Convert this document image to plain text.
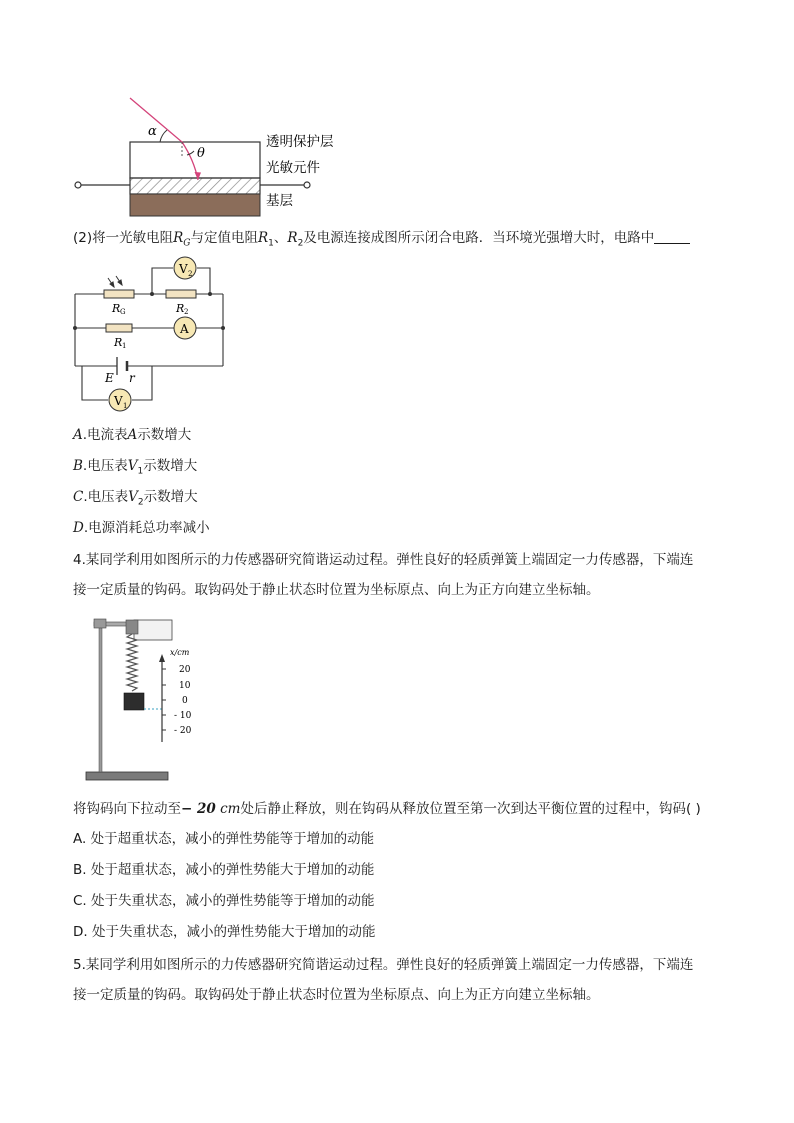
α
θ
透明保护层
光敏元件
基层
(2)将一光敏电阻$R_G$与定值电阻$R_1$、$R_2$及电源连接成图所示闭合电路．当环境光强增大时，电路中
V 2
A
V 1
R G	R 2
R 1
E r
A.电流表A示数增大
B.电压表$V_1$示数增大
C.电压表$V_2$示数增大
D.电源消耗总功率减小
4.某同学利用如图所示的力传感器研究简谐运动过程。弹性良好的轻质弹簧上端固定一力传感器，下端连
接一定质量的钩码。取钩码处于静止状态时位置为坐标原点、向上为正方向建立坐标轴。
x/cm
20
10
0
- 10
- 20
将钩码向下拉动至− 20 cm处后静止释放，则在钩码从释放位置至第一次到达平衡位置的过程中，钩码( )
A. 处于超重状态，减小的弹性势能等于增加的动能
B. 处于超重状态，减小的弹性势能大于增加的动能
C. 处于失重状态，减小的弹性势能等于增加的动能
D. 处于失重状态，减小的弹性势能大于增加的动能
5.某同学利用如图所示的力传感器研究简谐运动过程。弹性良好的轻质弹簧上端固定一力传感器，下端连
接一定质量的钩码。取钩码处于静止状态时位置为坐标原点、向上为正方向建立坐标轴。
